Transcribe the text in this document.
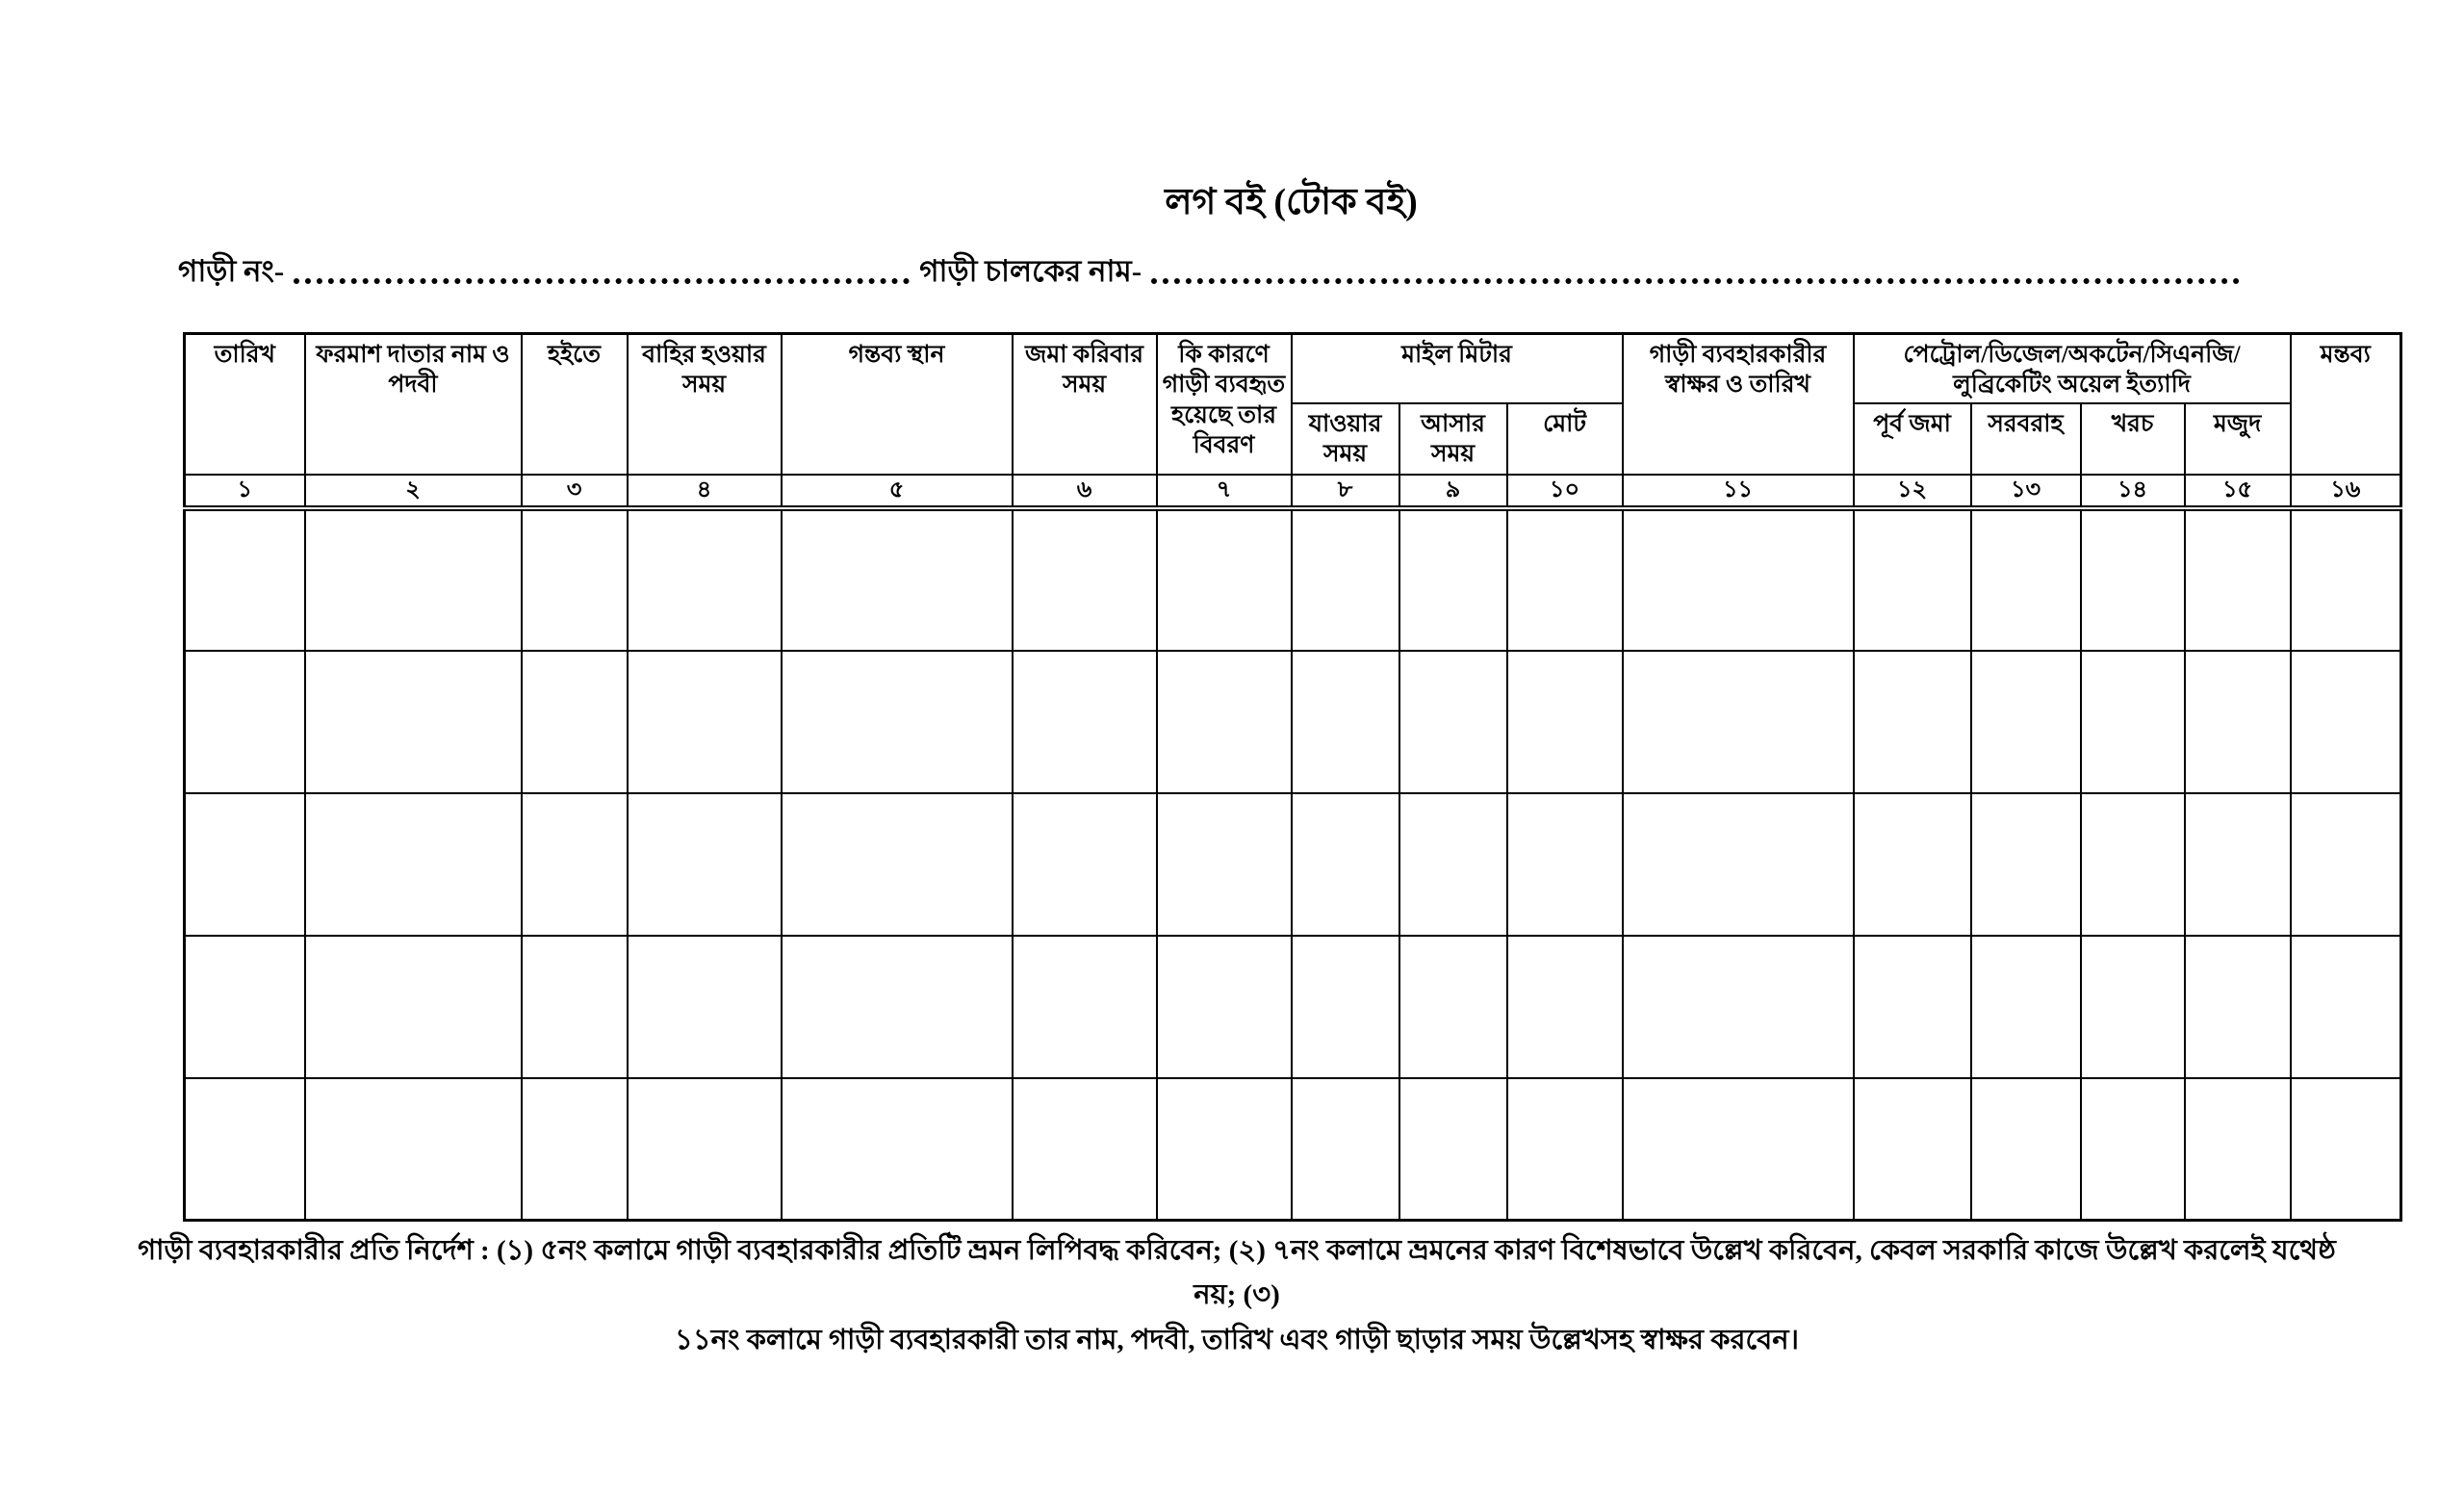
লগ বই (টোক বই)
গাড়ী নং-	গাড়ী চালকের নাম-
তারিখ	ফরমাশ দাতার নাম ও পদবী	হইতে	বাহির হওয়ার সময়	গন্তব্য স্থান	জমা করিবার সময়	কি কারণে গাড়ী ব্যবহৃত হয়েছে তার বিবরণ	মাইল মিটার			গাড়ী ব্যবহারকারীর স্বাক্ষর ও তারিখ	পেট্রোল/ডিজেল/অকটেন/সিএনজি/লুব্রিকেটিং অয়েল ইত্যাদি				মন্তব্য
							যাওয়ার সময়	আসার সময়	মোট		পূর্ব জমা	সরবরাহ	খরচ	মজুদ	
১	২	৩	৪	৫	৬	৭	৮	৯	১০	১১	১২	১৩	১৪	১৫	১৬

গাড়ী ব্যবহারকারীর প্রতি নির্দেশ : (১) ৫নং কলামে গাড়ী ব্যবহারকারীর প্রতিটি ভ্রমন লিপিবদ্ধ করিবেন; (২) ৭নং কলামে ভ্রমনের কারণ বিশেষভাবে উল্লেখ করিবেন, কেবল সরকারি কাজে উল্লেখ করলেই যথেষ্ঠ নয়; (৩)
১১নং কলামে গাড়ী ব্যবহারকারী তার নাম, পদবী, তারিখ এবং গাড়ী ছাড়ার সময় উল্লেখসহ স্বাক্ষর করবেন।
